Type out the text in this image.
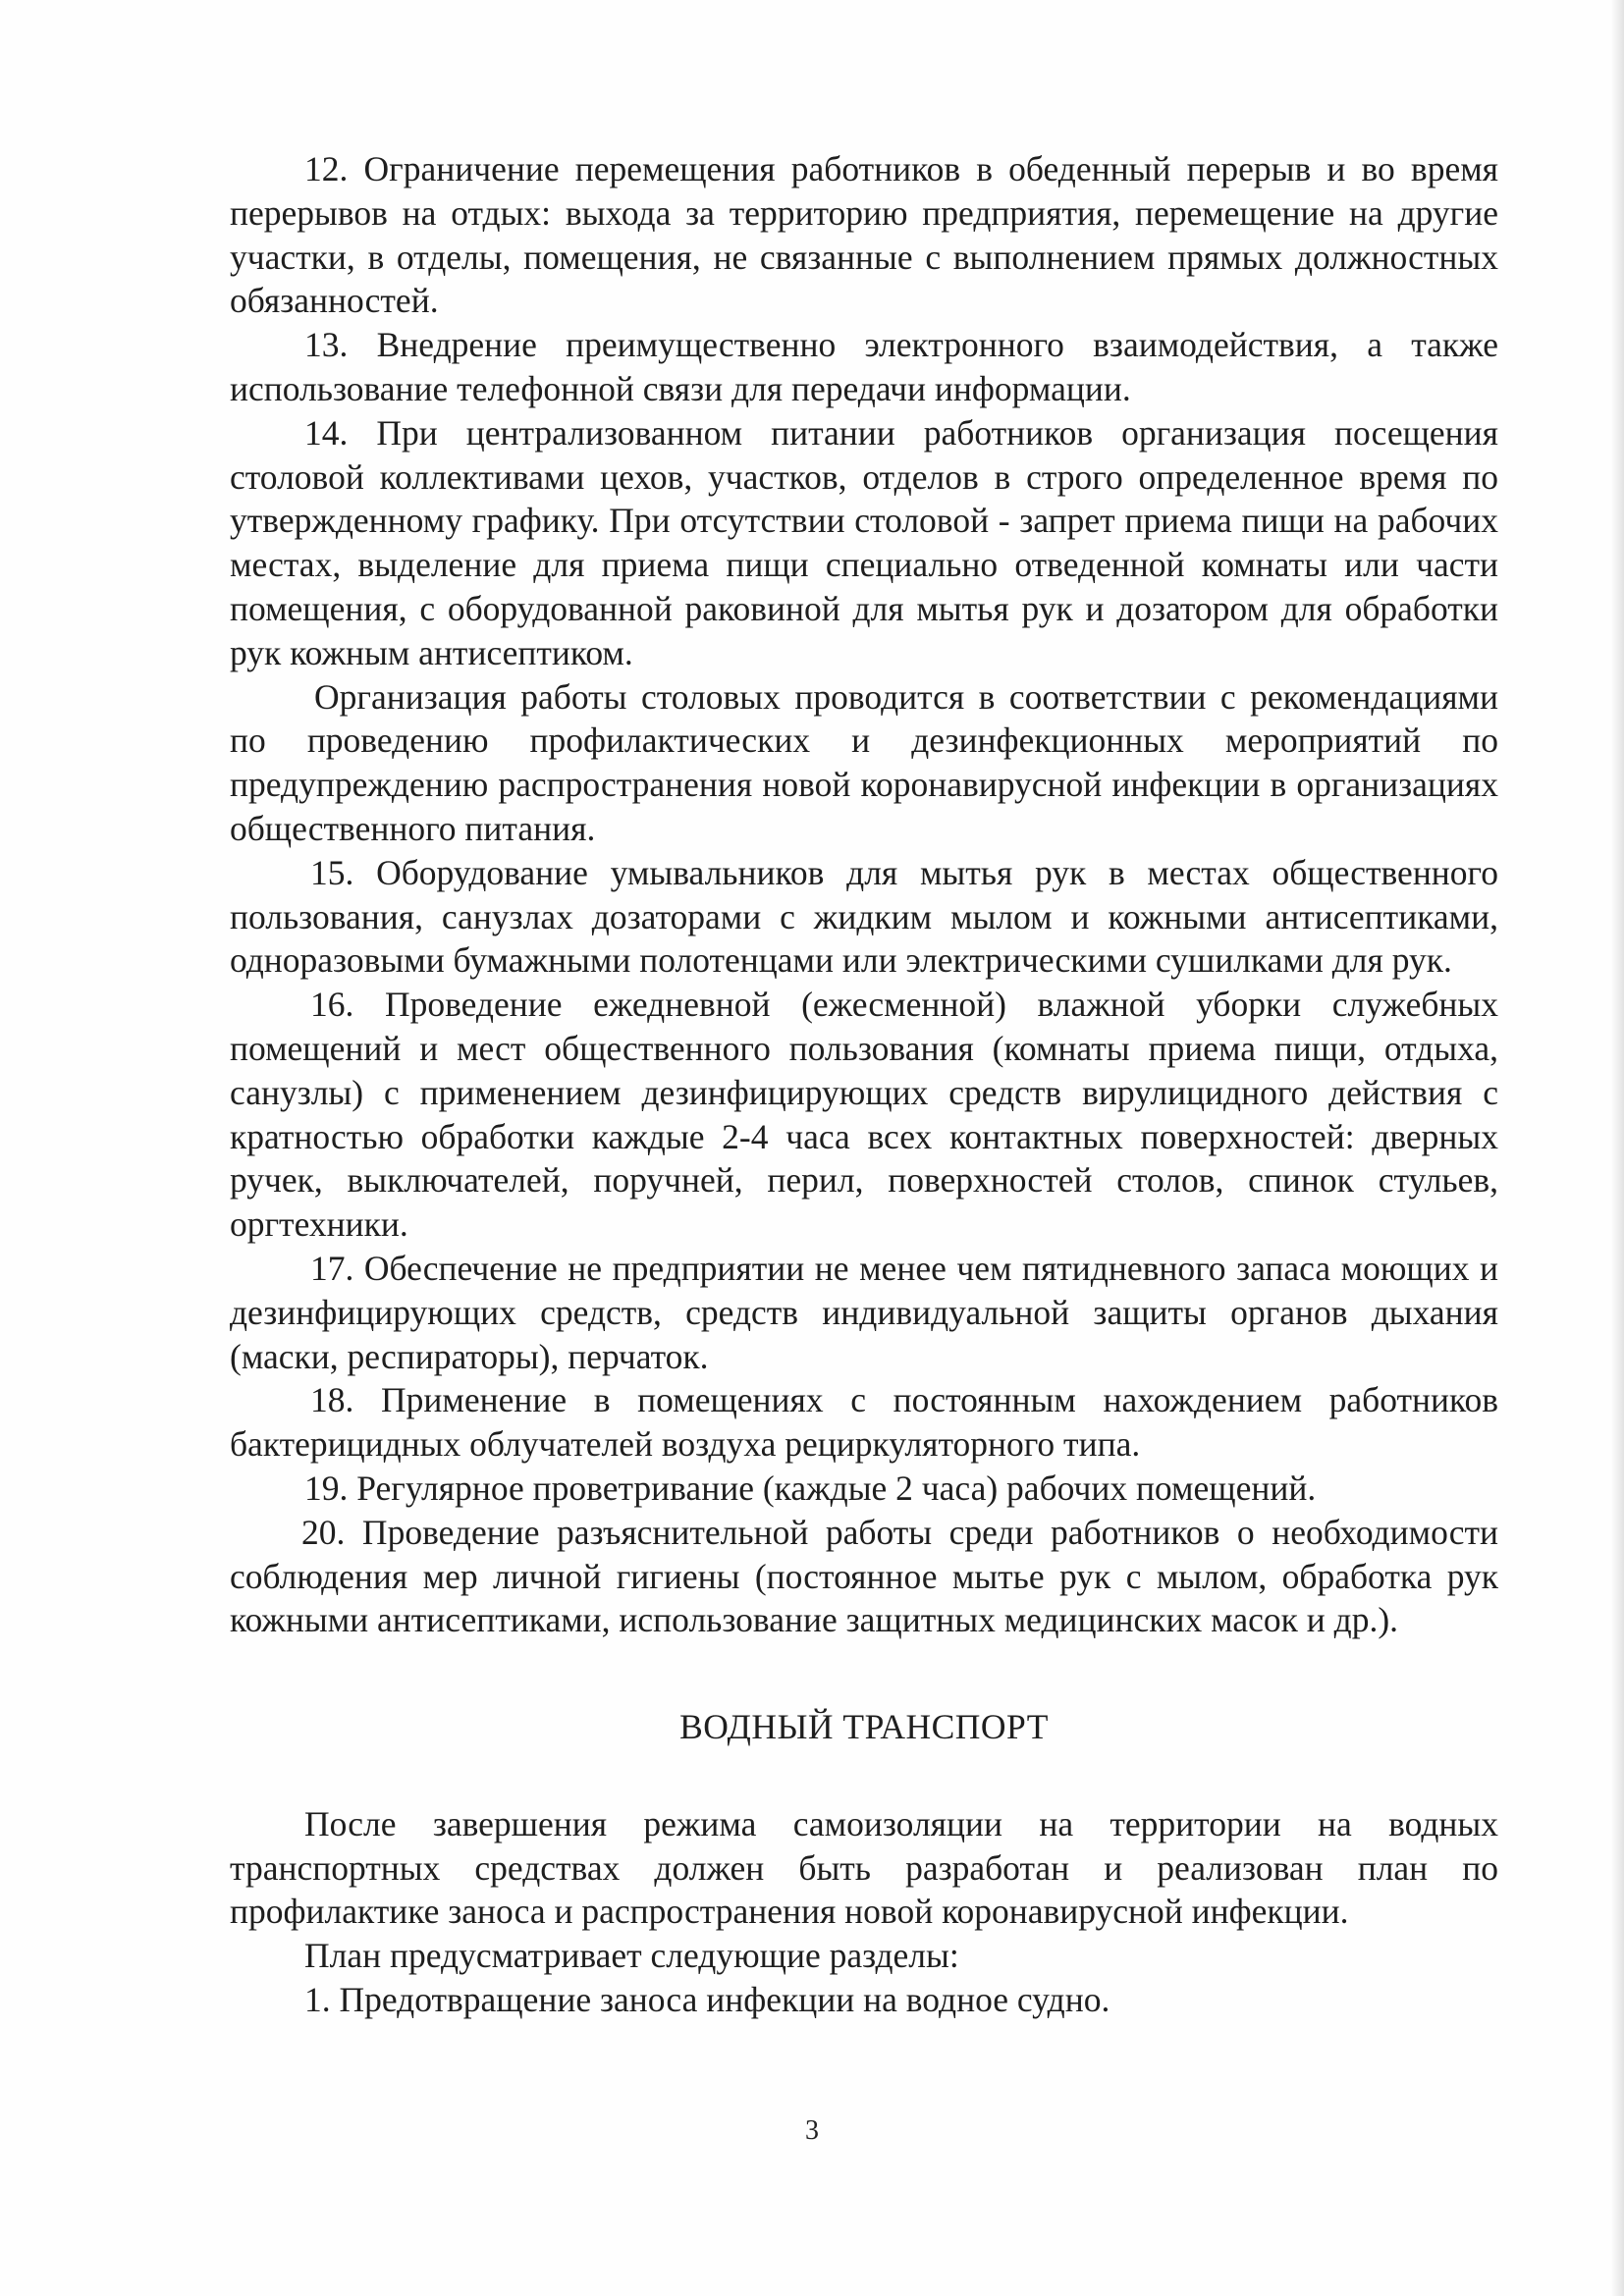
12. Ограничение перемещения работников в обеденный перерыв и во время перерывов на отдых: выхода за территорию предприятия, перемещение на другие участки, в отделы, помещения, не связанные с выполнением прямых должностных обязанностей.

13. Внедрение преимущественно электронного взаимодействия, а также использование телефонной связи для передачи информации.

14. При централизованном питании работников организация посещения столовой коллективами цехов, участков, отделов в строго определенное время по утвержденному графику. При отсутствии столовой - запрет приема пищи на рабочих местах, выделение для приема пищи специально отведенной комнаты или части помещения, с оборудованной раковиной для мытья рук и дозатором для обработки рук кожным антисептиком.

Организация работы столовых проводится в соответствии с рекомендациями по проведению профилактических и дезинфекционных мероприятий по предупреждению распространения новой коронавирусной инфекции в организациях общественного питания.

15. Оборудование умывальников для мытья рук в местах общественного пользования, санузлах дозаторами с жидким мылом и кожными антисептиками, одноразовыми бумажными полотенцами или электрическими сушилками для рук.

16. Проведение ежедневной (ежесменной) влажной уборки служебных помещений и мест общественного пользования (комнаты приема пищи, отдыха, санузлы) с применением дезинфицирующих средств вирулицидного действия с кратностью обработки каждые 2-4 часа всех контактных поверхностей: дверных ручек, выключателей, поручней, перил, поверхностей столов, спинок стульев, оргтехники.

17. Обеспечение не предприятии не менее чем пятидневного запаса моющих и дезинфицирующих средств, средств индивидуальной защиты органов дыхания (маски, респираторы), перчаток.

18. Применение в помещениях с постоянным нахождением работников бактерицидных облучателей воздуха рециркуляторного типа.

19. Регулярное проветривание (каждые 2 часа) рабочих помещений.

20. Проведение разъяснительной работы среди работников о необходимости соблюдения мер личной гигиены (постоянное мытье рук с мылом, обработка рук кожными антисептиками, использование защитных медицинских масок и др.).

ВОДНЫЙ ТРАНСПОРТ

После завершения режима самоизоляции на территории на водных транспортных средствах должен быть разработан и реализован план по профилактике заноса и распространения новой коронавирусной инфекции.

План предусматривает следующие разделы:

1. Предотвращение заноса инфекции на водное судно.

3
